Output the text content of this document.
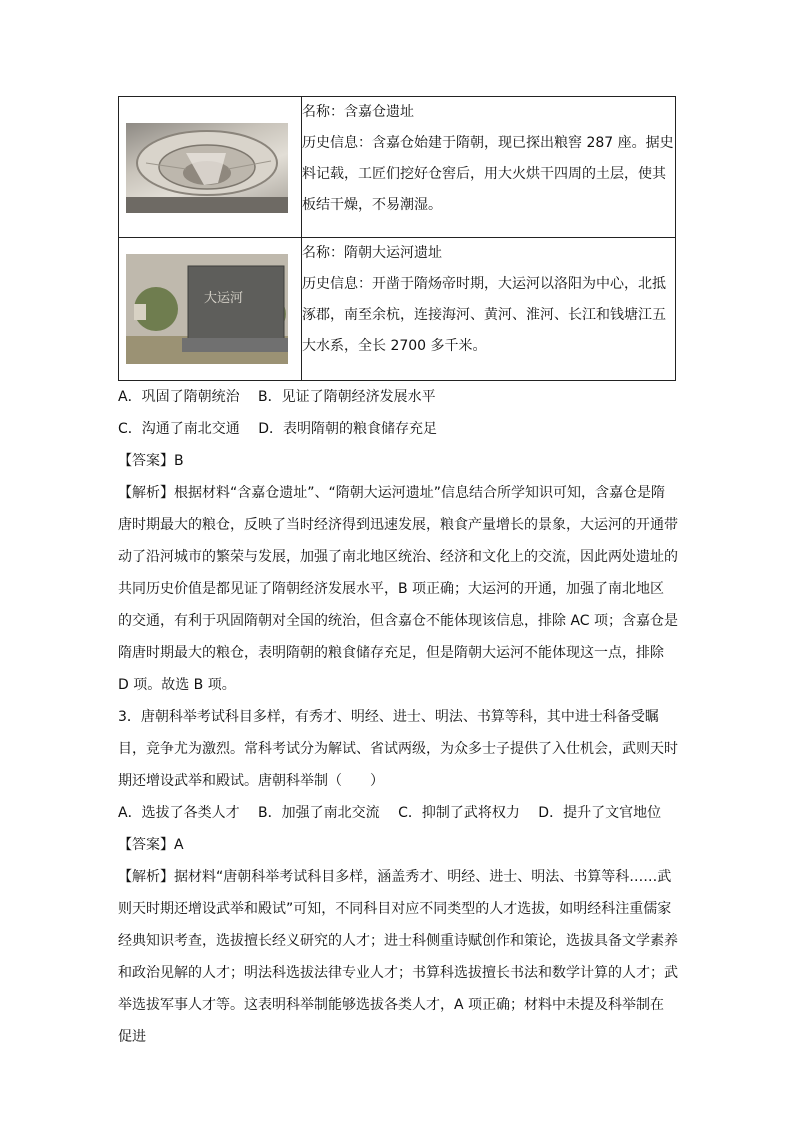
名称：含嘉仓遗址

历史信息：含嘉仓始建于隋朝，现已探出粮窖 287 座。据史料记载，工匠们挖好仓窖后，用大火烘干四周的土层，使其板结干燥，不易潮湿。

大运河	名称：隋朝大运河遗址

历史信息：开凿于隋炀帝时期，大运河以洛阳为中心，北抵涿郡，南至余杭，连接海河、黄河、淮河、长江和钱塘江五大水系，全长 2700 多千米。

A．巩固了隋朝统治　 B．见证了隋朝经济发展水平

C．沟通了南北交通　 D．表明隋朝的粮食储存充足

【答案】B

【解析】根据材料“含嘉仓遗址”、“隋朝大运河遗址”信息结合所学知识可知，含嘉仓是隋唐时期最大的粮仓，反映了当时经济得到迅速发展，粮食产量增长的景象，大运河的开通带动了沿河城市的繁荣与发展，加强了南北地区统治、经济和文化上的交流，因此两处遗址的共同历史价值是都见证了隋朝经济发展水平，B 项正确；大运河的开通，加强了南北地区的交通，有利于巩固隋朝对全国的统治，但含嘉仓不能体现该信息，排除 AC 项；含嘉仓是隋唐时期最大的粮仓，表明隋朝的粮食储存充足，但是隋朝大运河不能体现这一点，排除 D 项。故选 B 项。

3．唐朝科举考试科目多样，有秀才、明经、进士、明法、书算等科，其中进士科备受瞩目，竞争尤为激烈。常科考试分为解试、省试两级，为众多士子提供了入仕机会，武则天时期还增设武举和殿试。唐朝科举制（　　）

A．选拔了各类人才　 B．加强了南北交流　 C．抑制了武将权力　 D．提升了文官地位

【答案】A

【解析】据材料“唐朝科举考试科目多样，涵盖秀才、明经、进士、明法、书算等科……武则天时期还增设武举和殿试”可知，不同科目对应不同类型的人才选拔，如明经科注重儒家经典知识考查，选拔擅长经义研究的人才；进士科侧重诗赋创作和策论，选拔具备文学素养和政治见解的人才；明法科选拔法律专业人才；书算科选拔擅长书法和数学计算的人才；武举选拔军事人才等。这表明科举制能够选拔各类人才，A 项正确；材料中未提及科举制在促进
